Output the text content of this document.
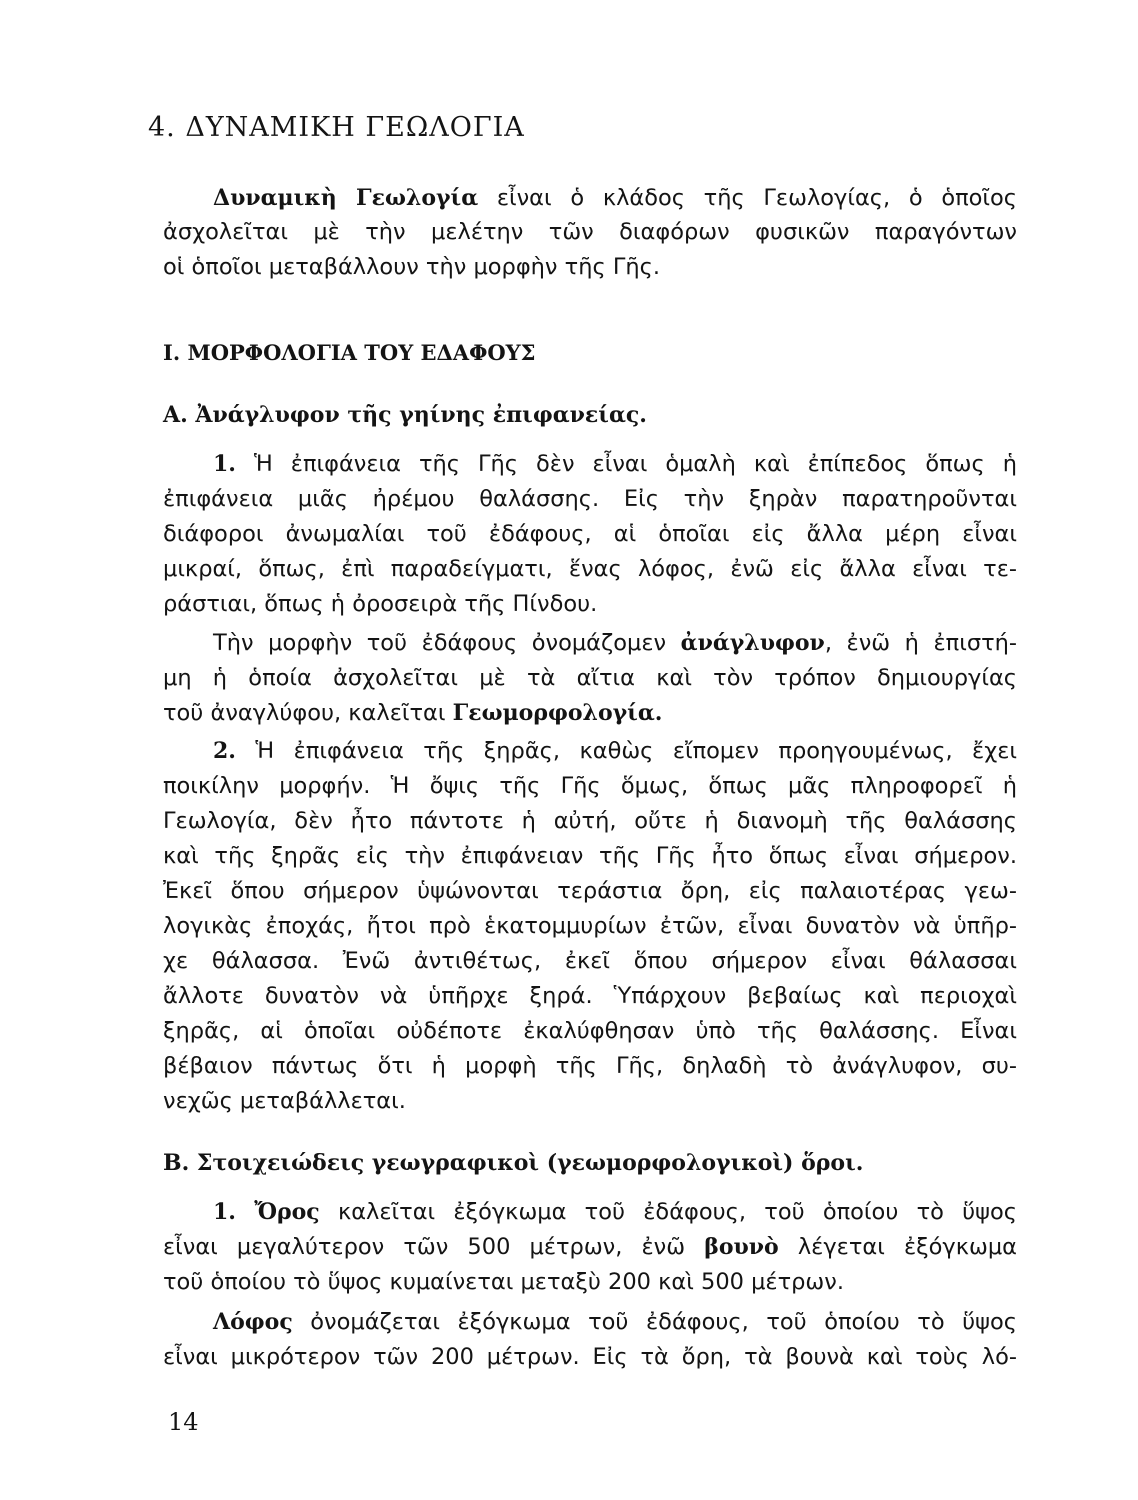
4. ΔΥΝΑΜΙΚΗ ΓΕΩΛΟΓΙΑ

Δυναμικὴ Γεωλογία εἶναι ὁ κλάδος τῆς Γεωλογίας, ὁ ὁποῖος

ἀσχολεῖται μὲ τὴν μελέτην τῶν διαφόρων φυσικῶν παραγόντων

οἱ ὁποῖοι μεταβάλλουν τὴν μορφὴν τῆς Γῆς.

Ι. ΜΟΡΦΟΛΟΓΙΑ ΤΟΥ ΕΔΑΦΟΥΣ
Α. Ἀνάγλυφον τῆς γηίνης ἐπιφανείας.

1. Ἡ ἐπιφάνεια τῆς Γῆς δὲν εἶναι ὁμαλὴ καὶ ἐπίπεδος ὅπως ἡ

ἐπιφάνεια μιᾶς ἠρέμου θαλάσσης. Εἰς τὴν ξηρὰν παρατηροῦνται

διάφοροι ἀνωμαλίαι τοῦ ἐδάφους, αἱ ὁποῖαι εἰς ἄλλα μέρη εἶναι

μικραί, ὅπως, ἐπὶ παραδείγματι, ἕνας λόφος, ἐνῶ εἰς ἄλλα εἶναι τε-

ράστιαι, ὅπως ἡ ὀροσειρὰ τῆς Πίνδου.

Τὴν μορφὴν τοῦ ἐδάφους ὀνομάζομεν ἀνάγλυφον, ἐνῶ ἡ ἐπιστή-

μη ἡ ὁποία ἀσχολεῖται μὲ τὰ αἴτια καὶ τὸν τρόπον δημιουργίας

τοῦ ἀναγλύφου, καλεῖται Γεωμορφολογία.

2. Ἡ ἐπιφάνεια τῆς ξηρᾶς, καθὼς εἴπομεν προηγουμένως, ἔχει

ποικίλην μορφήν. Ἡ ὄψις τῆς Γῆς ὅμως, ὅπως μᾶς πληροφορεῖ ἡ

Γεωλογία, δὲν ἦτο πάντοτε ἡ αὐτή, οὔτε ἡ διανομὴ τῆς θαλάσσης

καὶ τῆς ξηρᾶς εἰς τὴν ἐπιφάνειαν τῆς Γῆς ἦτο ὅπως εἶναι σήμερον.

Ἐκεῖ ὅπου σήμερον ὑψώνονται τεράστια ὄρη, εἰς παλαιοτέρας γεω-

λογικὰς ἐποχάς, ἤτοι πρὸ ἑκατομμυρίων ἐτῶν, εἶναι δυνατὸν νὰ ὑπῆρ-

χε θάλασσα. Ἐνῶ ἀντιθέτως, ἐκεῖ ὅπου σήμερον εἶναι θάλασσαι

ἄλλοτε δυνατὸν νὰ ὑπῆρχε ξηρά. Ὑπάρχουν βεβαίως καὶ περιοχαὶ

ξηρᾶς, αἱ ὁποῖαι οὐδέποτε ἐκαλύφθησαν ὑπὸ τῆς θαλάσσης. Εἶναι

βέβαιον πάντως ὅτι ἡ μορφὴ τῆς Γῆς, δηλαδὴ τὸ ἀνάγλυφον, συ-

νεχῶς μεταβάλλεται.

Β. Στοιχειώδεις γεωγραφικοὶ (γεωμορφολογικοὶ) ὅροι.

1. Ὄρος καλεῖται ἐξόγκωμα τοῦ ἐδάφους, τοῦ ὁποίου τὸ ὕψος

εἶναι μεγαλύτερον τῶν 500 μέτρων, ἐνῶ βουνὸ λέγεται ἐξόγκωμα

τοῦ ὁποίου τὸ ὕψος κυμαίνεται μεταξὺ 200 καὶ 500 μέτρων.

Λόφος ὀνομάζεται ἐξόγκωμα τοῦ ἐδάφους, τοῦ ὁποίου τὸ ὕψος

εἶναι μικρότερον τῶν 200 μέτρων. Εἰς τὰ ὄρη, τὰ βουνὰ καὶ τοὺς λό-

14
